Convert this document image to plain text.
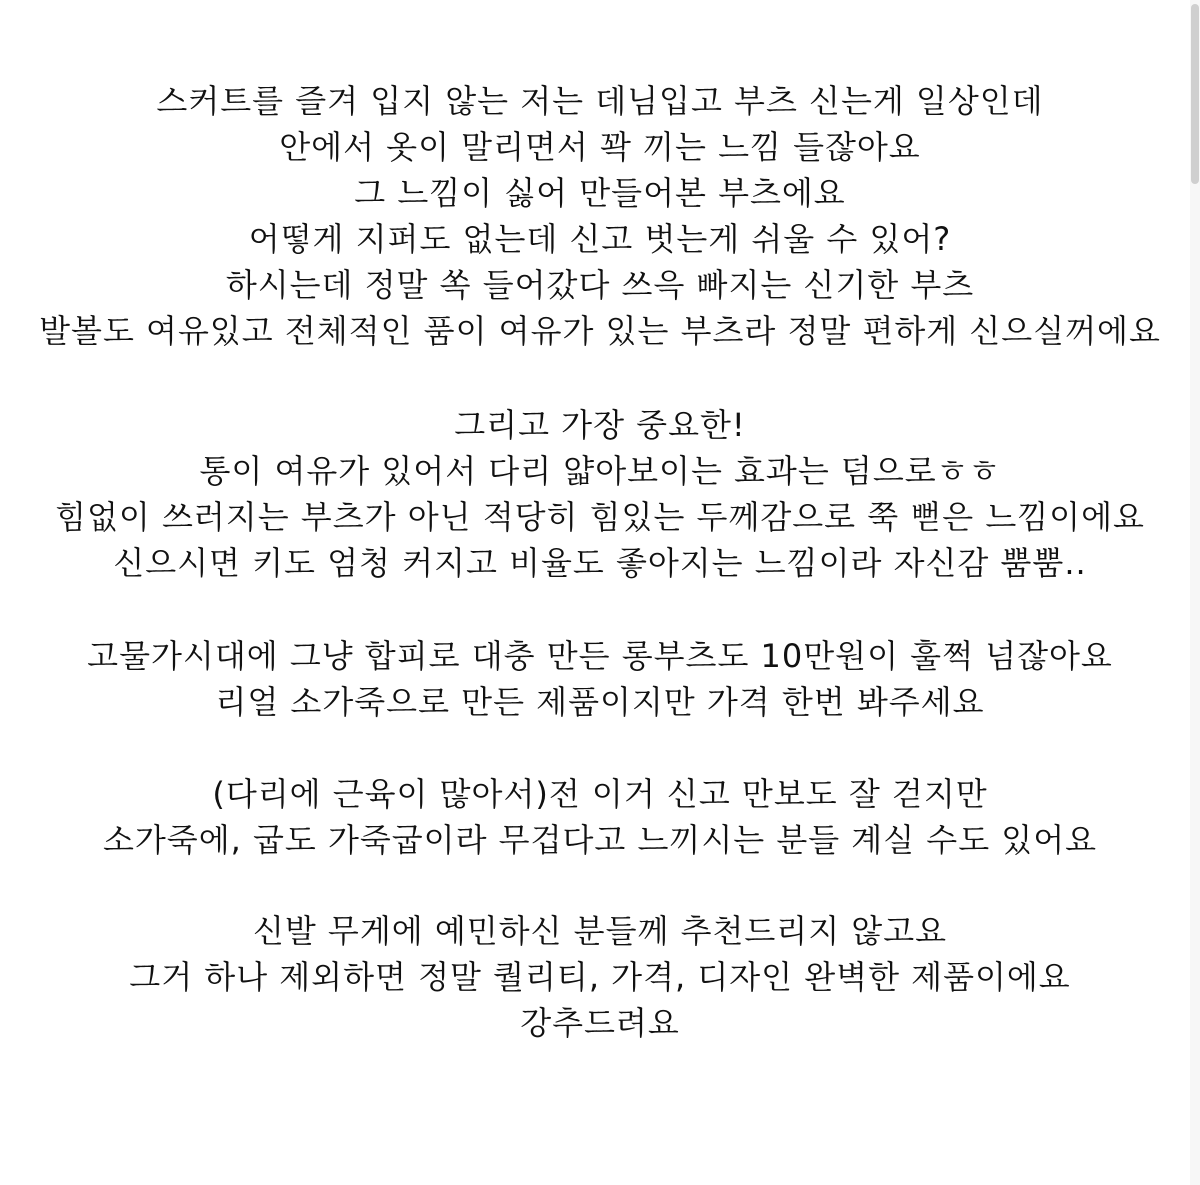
스커트를 즐겨 입지 않는 저는 데님입고 부츠 신는게 일상인데
안에서 옷이 말리면서 꽉 끼는 느낌 들잖아요
그 느낌이 싫어 만들어본 부츠에요
어떻게 지퍼도 없는데 신고 벗는게 쉬울 수 있어?
하시는데 정말 쏙 들어갔다 쓰윽 빠지는 신기한 부츠
발볼도 여유있고 전체적인 품이 여유가 있는 부츠라 정말 편하게 신으실꺼에요
그리고 가장 중요한!
통이 여유가 있어서 다리 얇아보이는 효과는 덤으로ㅎㅎ
힘없이 쓰러지는 부츠가 아닌 적당히 힘있는 두께감으로 쭉 뻗은 느낌이에요
신으시면 키도 엄청 커지고 비율도 좋아지는 느낌이라 자신감 뿜뿜..
고물가시대에 그냥 합피로 대충 만든 롱부츠도 10만원이 훌쩍 넘잖아요
리얼 소가죽으로 만든 제품이지만 가격 한번 봐주세요
(다리에 근육이 많아서)전 이거 신고 만보도 잘 걷지만
소가죽에, 굽도 가죽굽이라 무겁다고 느끼시는 분들 계실 수도 있어요
신발 무게에 예민하신 분들께 추천드리지 않고요
그거 하나 제외하면 정말 퀄리티, 가격, 디자인 완벽한 제품이에요
강추드려요
